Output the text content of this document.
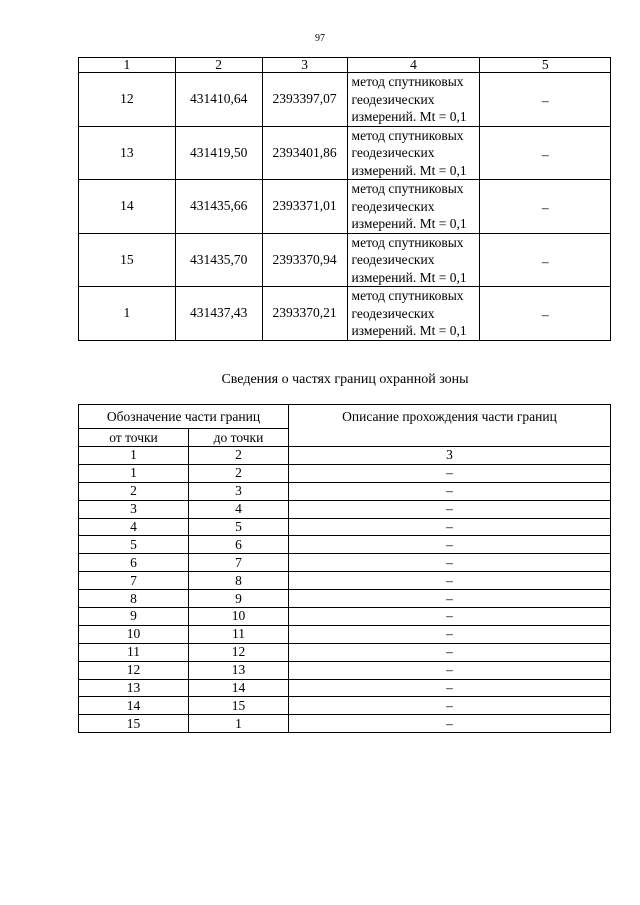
97
1	2	3	4	5
12	431410,64	2393397,07	метод спутниковых
геодезических
измерений. Mt = 0,1	–
13	431419,50	2393401,86	метод спутниковых
геодезических
измерений. Mt = 0,1	–
14	431435,66	2393371,01	метод спутниковых
геодезических
измерений. Mt = 0,1	–
15	431435,70	2393370,94	метод спутниковых
геодезических
измерений. Mt = 0,1	–
1	431437,43	2393370,21	метод спутниковых
геодезических
измерений. Mt = 0,1	–
Сведения о частях границ охранной зоны
Обозначение части границ		Описание прохождения части границ
от точки	до точки	
1	2	3
1	2	–
2	3	–
3	4	–
4	5	–
5	6	–
6	7	–
7	8	–
8	9	–
9	10	–
10	11	–
11	12	–
12	13	–
13	14	–
14	15	–
15	1	–
